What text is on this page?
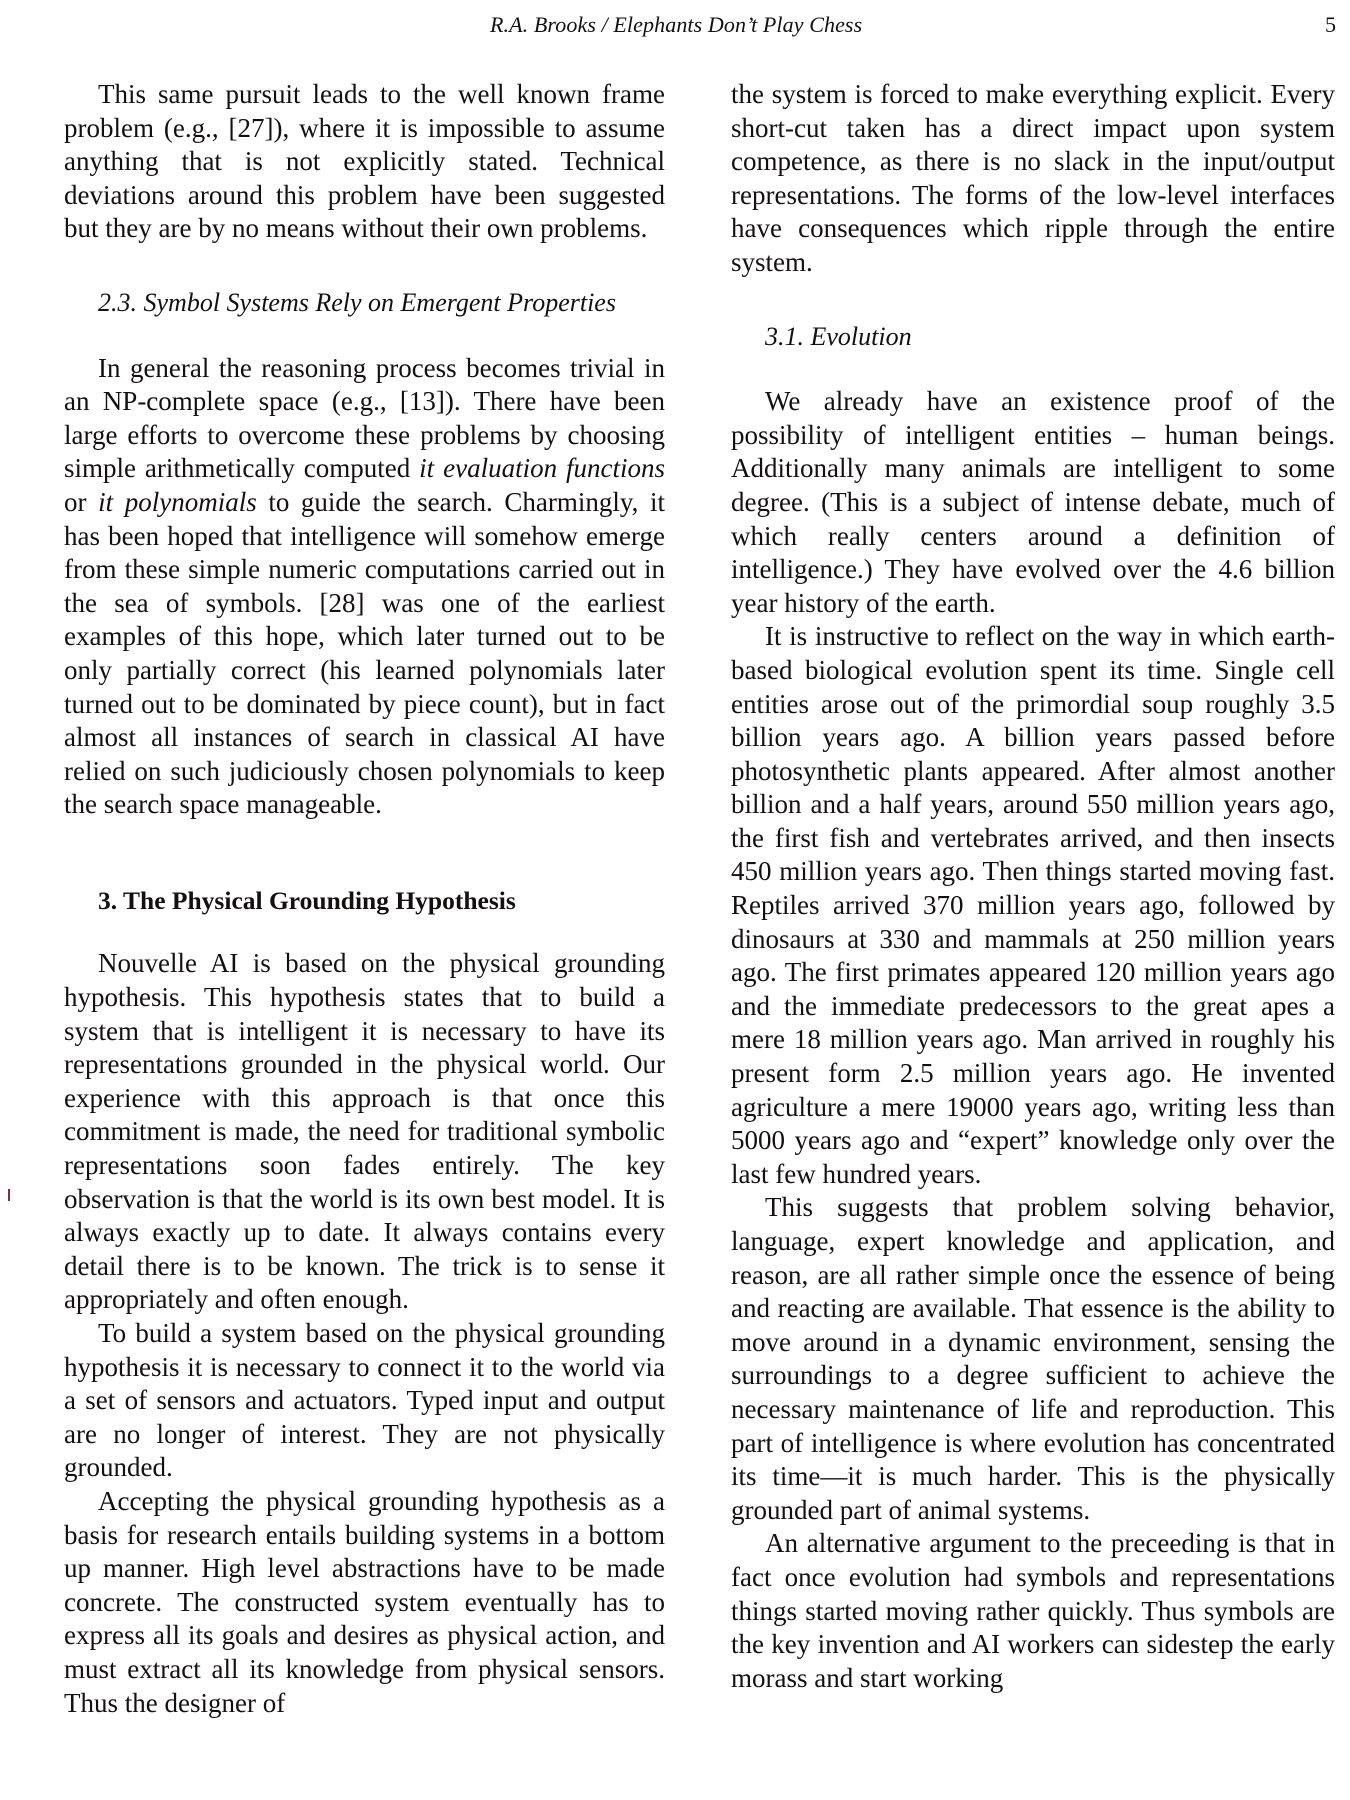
R.A. Brooks / Elephants Don’t Play Chess	5

This same pursuit leads to the well known frame problem (e.g., [27]), where it is impossible to assume anything that is not explicitly stated. Technical deviations around this problem have been suggested but they are by no means without their own problems.

2.3. Symbol Systems Rely on Emergent Properties

In general the reasoning process becomes trivial in an NP-complete space (e.g., [13]). There have been large efforts to overcome these problems by choosing simple arithmetically computed it evaluation functions or it polynomials to guide the search. Charmingly, it has been hoped that intelligence will somehow emerge from these simple numeric computations carried out in the sea of symbols. [28] was one of the earliest examples of this hope, which later turned out to be only partially correct (his learned polynomials later turned out to be dominated by piece count), but in fact almost all instances of search in classical AI have relied on such judiciously chosen polynomials to keep the search space manageable.

3. The Physical Grounding Hypothesis

Nouvelle AI is based on the physical grounding hypothesis. This hypothesis states that to build a system that is intelligent it is necessary to have its representations grounded in the physical world. Our experience with this approach is that once this commitment is made, the need for traditional symbolic representations soon fades entirely. The key observation is that the world is its own best model. It is always exactly up to date. It always contains every detail there is to be known. The trick is to sense it appropriately and often enough.

To build a system based on the physical grounding hypothesis it is necessary to connect it to the world via a set of sensors and actuators. Typed input and output are no longer of interest. They are not physically grounded.

Accepting the physical grounding hypothesis as a basis for research entails building systems in a bottom up manner. High level abstractions have to be made concrete. The constructed system eventually has to express all its goals and desires as physical action, and must extract all its knowledge from physical sensors. Thus the designer of

the system is forced to make everything explicit. Every short-cut taken has a direct impact upon system competence, as there is no slack in the input/output representations. The forms of the low-level interfaces have consequences which ripple through the entire system.

3.1. Evolution

We already have an existence proof of the possibility of intelligent entities – human beings. Additionally many animals are intelligent to some degree. (This is a subject of intense debate, much of which really centers around a definition of intelligence.) They have evolved over the 4.6 billion year history of the earth.

It is instructive to reflect on the way in which earth-based biological evolution spent its time. Single cell entities arose out of the primordial soup roughly 3.5 billion years ago. A billion years passed before photosynthetic plants appeared. After almost another billion and a half years, around 550 million years ago, the first fish and vertebrates arrived, and then insects 450 million years ago. Then things started moving fast. Reptiles arrived 370 million years ago, followed by dinosaurs at 330 and mammals at 250 million years ago. The first primates appeared 120 million years ago and the immediate predecessors to the great apes a mere 18 million years ago. Man arrived in roughly his present form 2.5 million years ago. He invented agriculture a mere 19000 years ago, writing less than 5000 years ago and “expert” knowledge only over the last few hundred years.

This suggests that problem solving behavior, language, expert knowledge and application, and reason, are all rather simple once the essence of being and reacting are available. That essence is the ability to move around in a dynamic environment, sensing the surroundings to a degree sufficient to achieve the necessary maintenance of life and reproduction. This part of intelligence is where evolution has concentrated its time—it is much harder. This is the physically grounded part of animal systems.

An alternative argument to the preceeding is that in fact once evolution had symbols and representations things started moving rather quickly. Thus symbols are the key invention and AI workers can sidestep the early morass and start working
